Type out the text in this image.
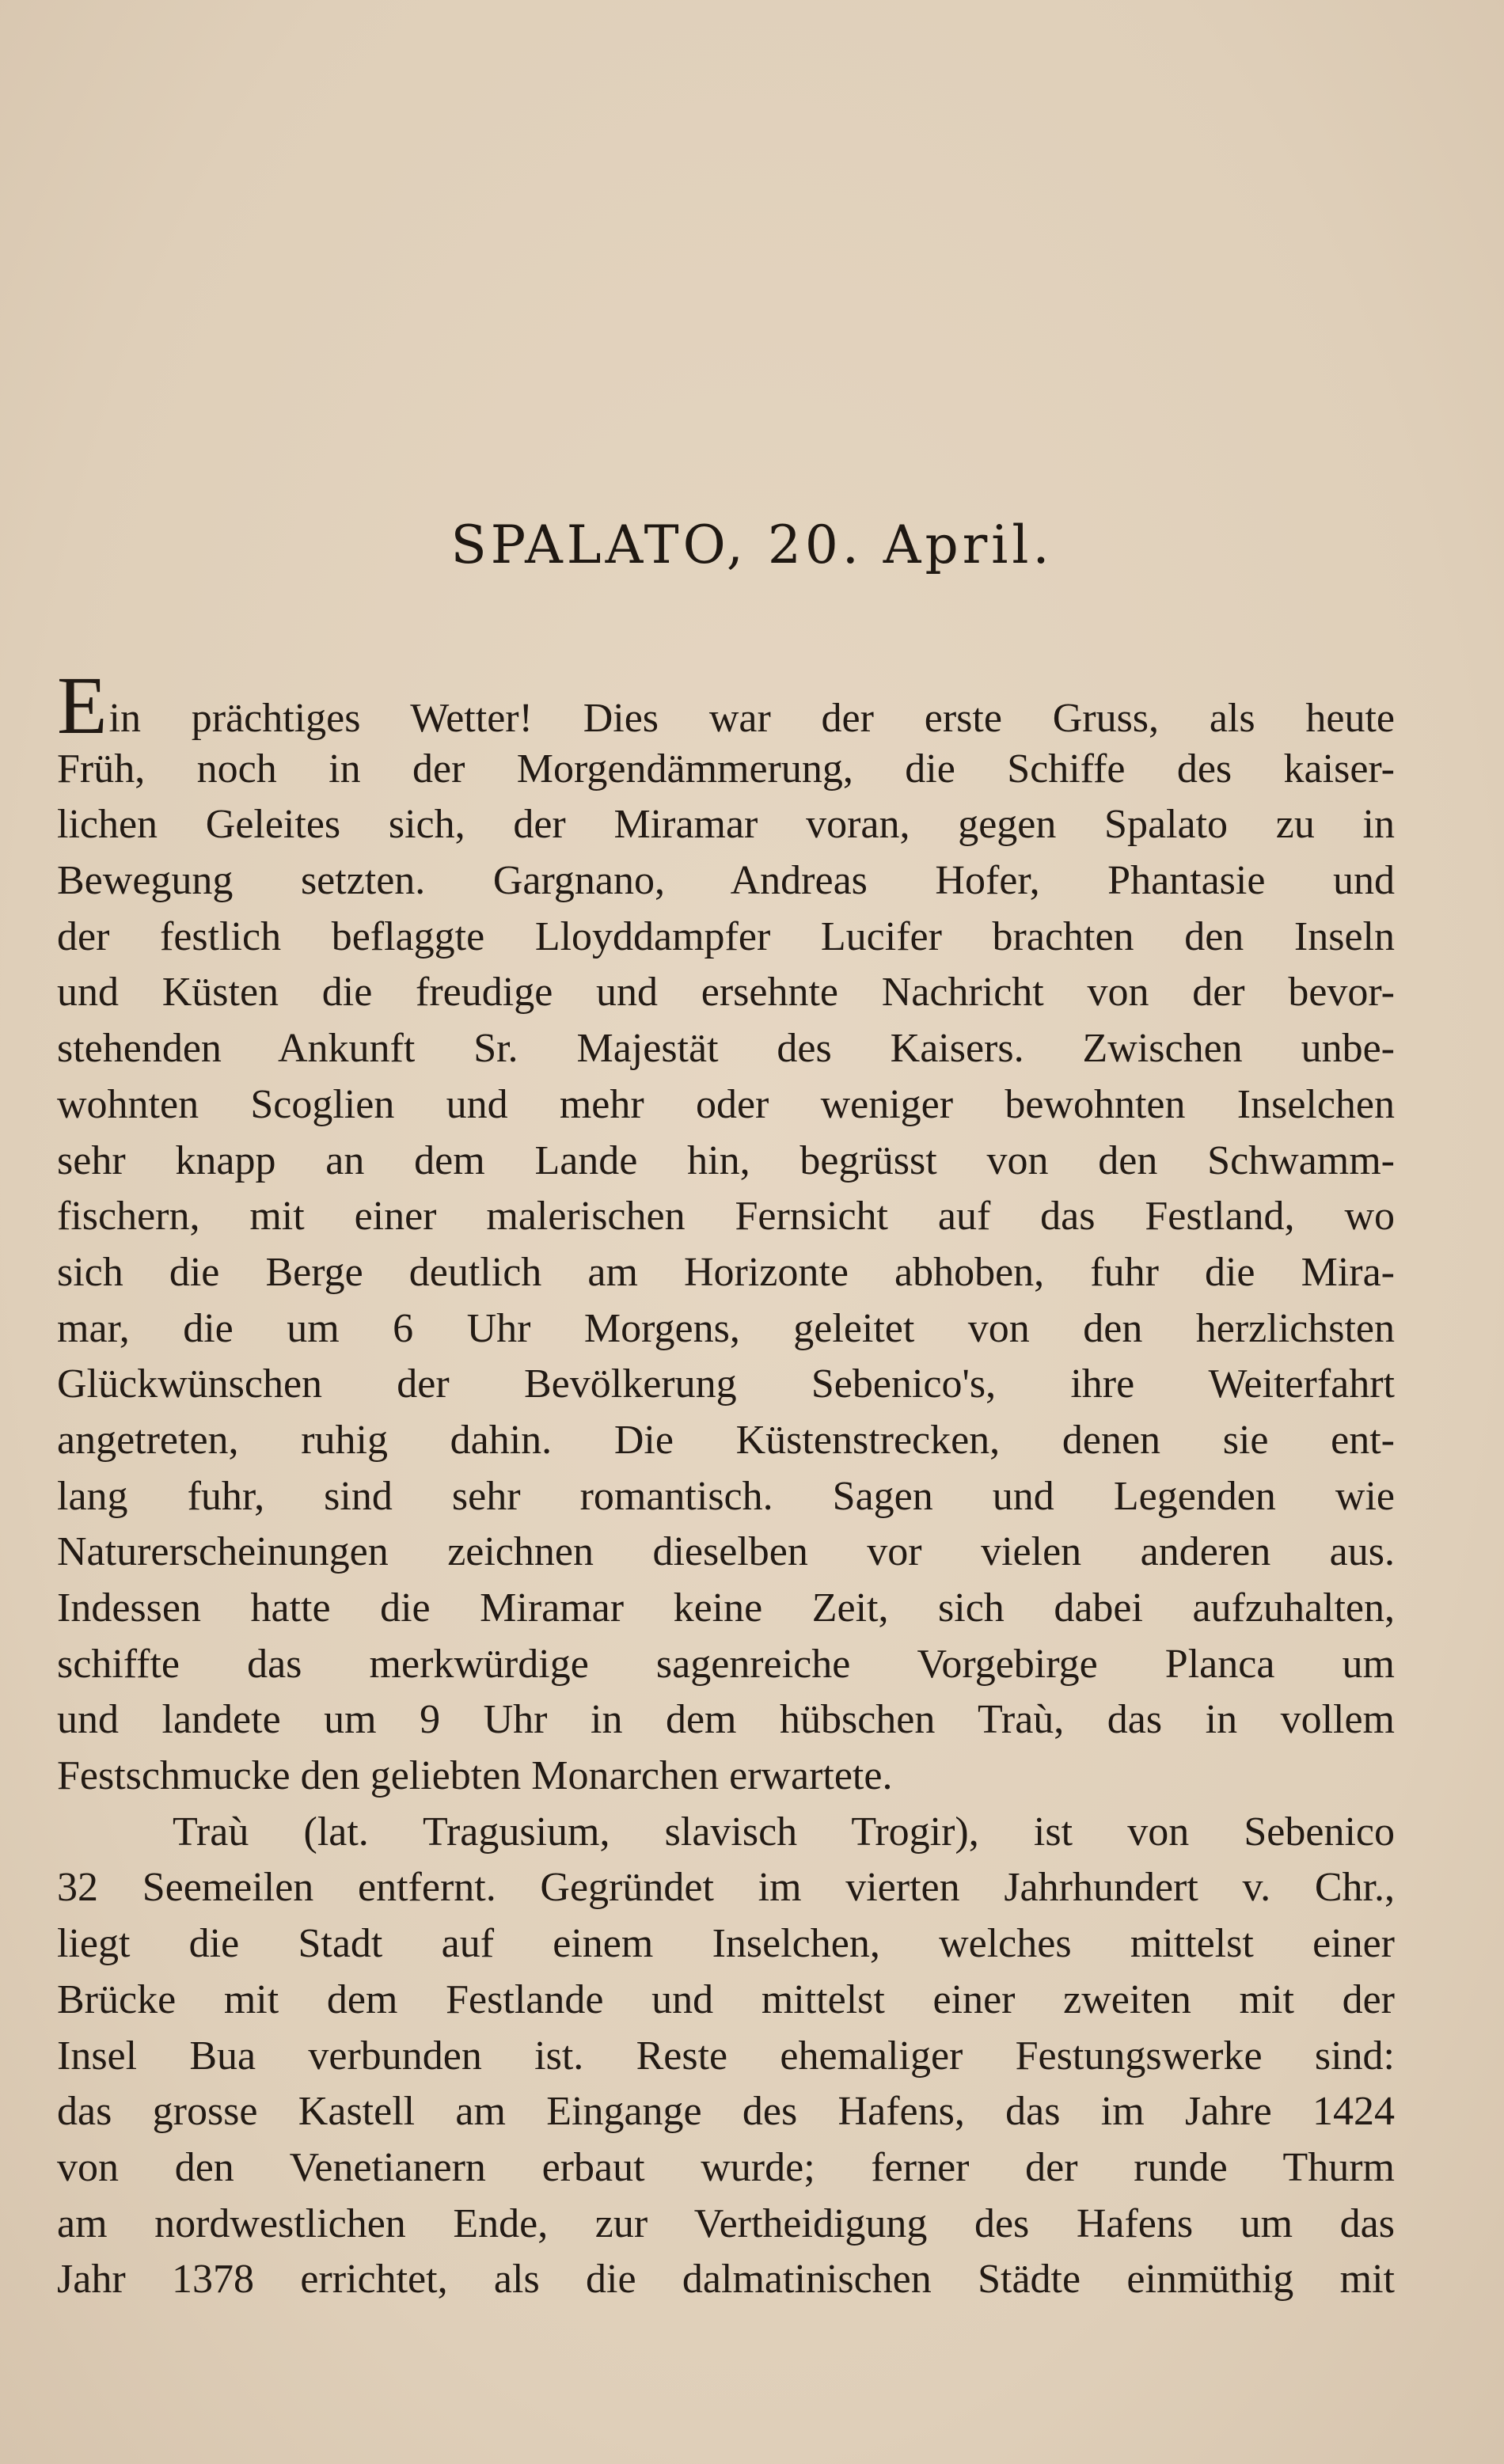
SPALATO, 20. April.
Ein prächtiges Wetter! Dies war der erste Gruss, als heute
Früh, noch in der Morgendämmerung, die Schiffe des kaiser-
lichen Geleites sich, der Miramar voran, gegen Spalato zu in
Bewegung setzten. Gargnano, Andreas Hofer, Phantasie und
der festlich beflaggte Lloyddampfer Lucifer brachten den Inseln
und Küsten die freudige und ersehnte Nachricht von der bevor-
stehenden Ankunft Sr. Majestät des Kaisers. Zwischen unbe-
wohnten Scoglien und mehr oder weniger bewohnten Inselchen
sehr knapp an dem Lande hin, begrüsst von den Schwamm-
fischern, mit einer malerischen Fernsicht auf das Festland, wo
sich die Berge deutlich am Horizonte abhoben, fuhr die Mira-
mar, die um 6 Uhr Morgens, geleitet von den herzlichsten
Glückwünschen der Bevölkerung Sebenico's, ihre Weiterfahrt
angetreten, ruhig dahin. Die Küstenstrecken, denen sie ent-
lang fuhr, sind sehr romantisch. Sagen und Legenden wie
Naturerscheinungen zeichnen dieselben vor vielen anderen aus.
Indessen hatte die Miramar keine Zeit, sich dabei aufzuhalten,
schiffte das merkwürdige sagenreiche Vorgebirge Planca um
und landete um 9 Uhr in dem hübschen Traù, das in vollem
Festschmucke den geliebten Monarchen erwartete.
Traù (lat. Tragusium, slavisch Trogir), ist von Sebenico
32 Seemeilen entfernt. Gegründet im vierten Jahrhundert v. Chr.,
liegt die Stadt auf einem Inselchen, welches mittelst einer
Brücke mit dem Festlande und mittelst einer zweiten mit der
Insel Bua verbunden ist. Reste ehemaliger Festungswerke sind:
das grosse Kastell am Eingange des Hafens, das im Jahre 1424
von den Venetianern erbaut wurde; ferner der runde Thurm
am nordwestlichen Ende, zur Vertheidigung des Hafens um das
Jahr 1378 errichtet, als die dalmatinischen Städte einmüthig mit
